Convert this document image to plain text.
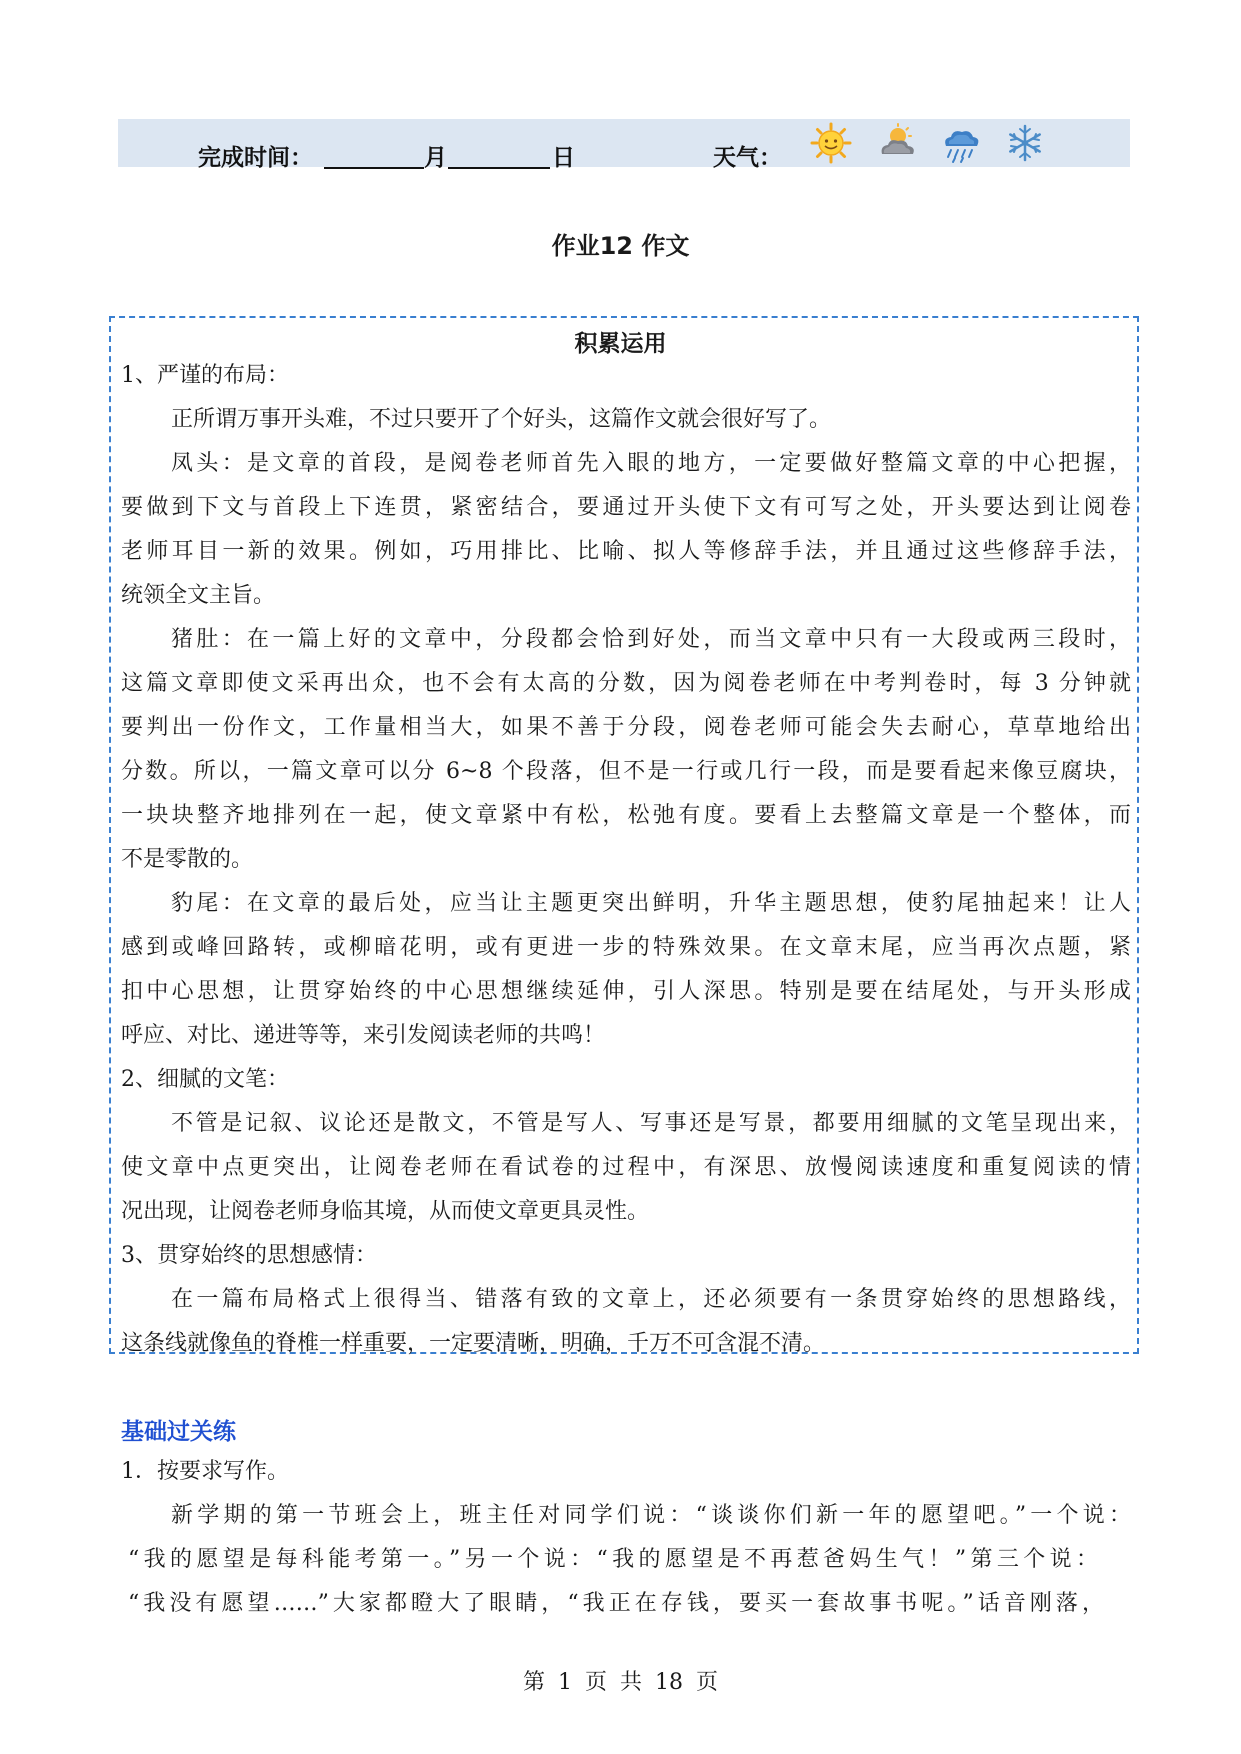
完成时间：	月	日	天气：
作业12 作文
积累运用
1、严谨的布局：
正所谓万事开头难，不过只要开了个好头，这篇作文就会很好写了。
凤头：是文章的首段，是阅卷老师首先入眼的地方，一定要做好整篇文章的中心把握，
要做到下文与首段上下连贯，紧密结合，要通过开头使下文有可写之处，开头要达到让阅卷
老师耳目一新的效果。例如，巧用排比、比喻、拟人等修辞手法，并且通过这些修辞手法，
统领全文主旨。
猪肚：在一篇上好的文章中，分段都会恰到好处，而当文章中只有一大段或两三段时，
这篇文章即使文采再出众，也不会有太高的分数，因为阅卷老师在中考判卷时，每 3 分钟就
要判出一份作文，工作量相当大，如果不善于分段，阅卷老师可能会失去耐心，草草地给出
分数。所以，一篇文章可以分 6~8 个段落，但不是一行或几行一段，而是要看起来像豆腐块，
一块块整齐地排列在一起，使文章紧中有松，松弛有度。要看上去整篇文章是一个整体，而
不是零散的。
豹尾：在文章的最后处，应当让主题更突出鲜明，升华主题思想，使豹尾抽起来！让人
感到或峰回路转，或柳暗花明，或有更进一步的特殊效果。在文章末尾，应当再次点题，紧
扣中心思想，让贯穿始终的中心思想继续延伸，引人深思。特别是要在结尾处，与开头形成
呼应、对比、递进等等，来引发阅读老师的共鸣！
2、细腻的文笔：
不管是记叙、议论还是散文，不管是写人、写事还是写景，都要用细腻的文笔呈现出来，
使文章中点更突出，让阅卷老师在看试卷的过程中，有深思、放慢阅读速度和重复阅读的情
况出现，让阅卷老师身临其境，从而使文章更具灵性。
3、贯穿始终的思想感情：
在一篇布局格式上很得当、错落有致的文章上，还必须要有一条贯穿始终的思想路线，
这条线就像鱼的脊椎一样重要，一定要清晰，明确，千万不可含混不清。
基础过关练
1．按要求写作。
新学期的第一节班会上，班主任对同学们说：“谈谈你们新一年的愿望吧。”一个说：
“我的愿望是每科能考第一。”另一个说：“我的愿望是不再惹爸妈生气！”第三个说：
“我没有愿望……”大家都瞪大了眼睛，“我正在存钱，要买一套故事书呢。”话音刚落，
第 1 页 共 18 页
